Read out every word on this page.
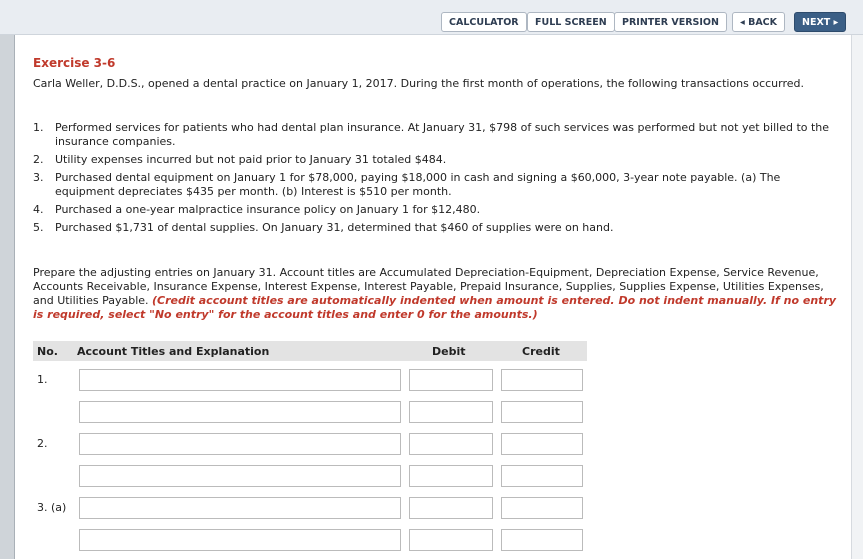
CALCULATOR	FULL SCREEN	PRINTER VERSION	◂ BACK	NEXT ▸
Exercise 3-6
Carla Weller, D.D.S., opened a dental practice on January 1, 2017. During the first month of operations, the following transactions occurred.
1. Performed services for patients who had dental plan insurance. At January 31, $798 of such services was performed but not yet billed to the insurance companies.
2. Utility expenses incurred but not paid prior to January 31 totaled $484.
3. Purchased dental equipment on January 1 for $78,000, paying $18,000 in cash and signing a $60,000, 3-year note payable. (a) The equipment depreciates $435 per month. (b) Interest is $510 per month.
4. Purchased a one-year malpractice insurance policy on January 1 for $12,480.
5. Purchased $1,731 of dental supplies. On January 31, determined that $460 of supplies were on hand.
Prepare the adjusting entries on January 31. Account titles are Accumulated Depreciation-Equipment, Depreciation Expense, Service Revenue, Accounts Receivable, Insurance Expense, Interest Expense, Interest Payable, Prepaid Insurance, Supplies, Supplies Expense, Utilities Expenses, and Utilities Payable. (Credit account titles are automatically indented when amount is entered. Do not indent manually. If no entry is required, select "No entry" for the account titles and enter 0 for the amounts.)
No. Account Titles and Explanation	Debit	Credit
1.
2.
3. (a)
